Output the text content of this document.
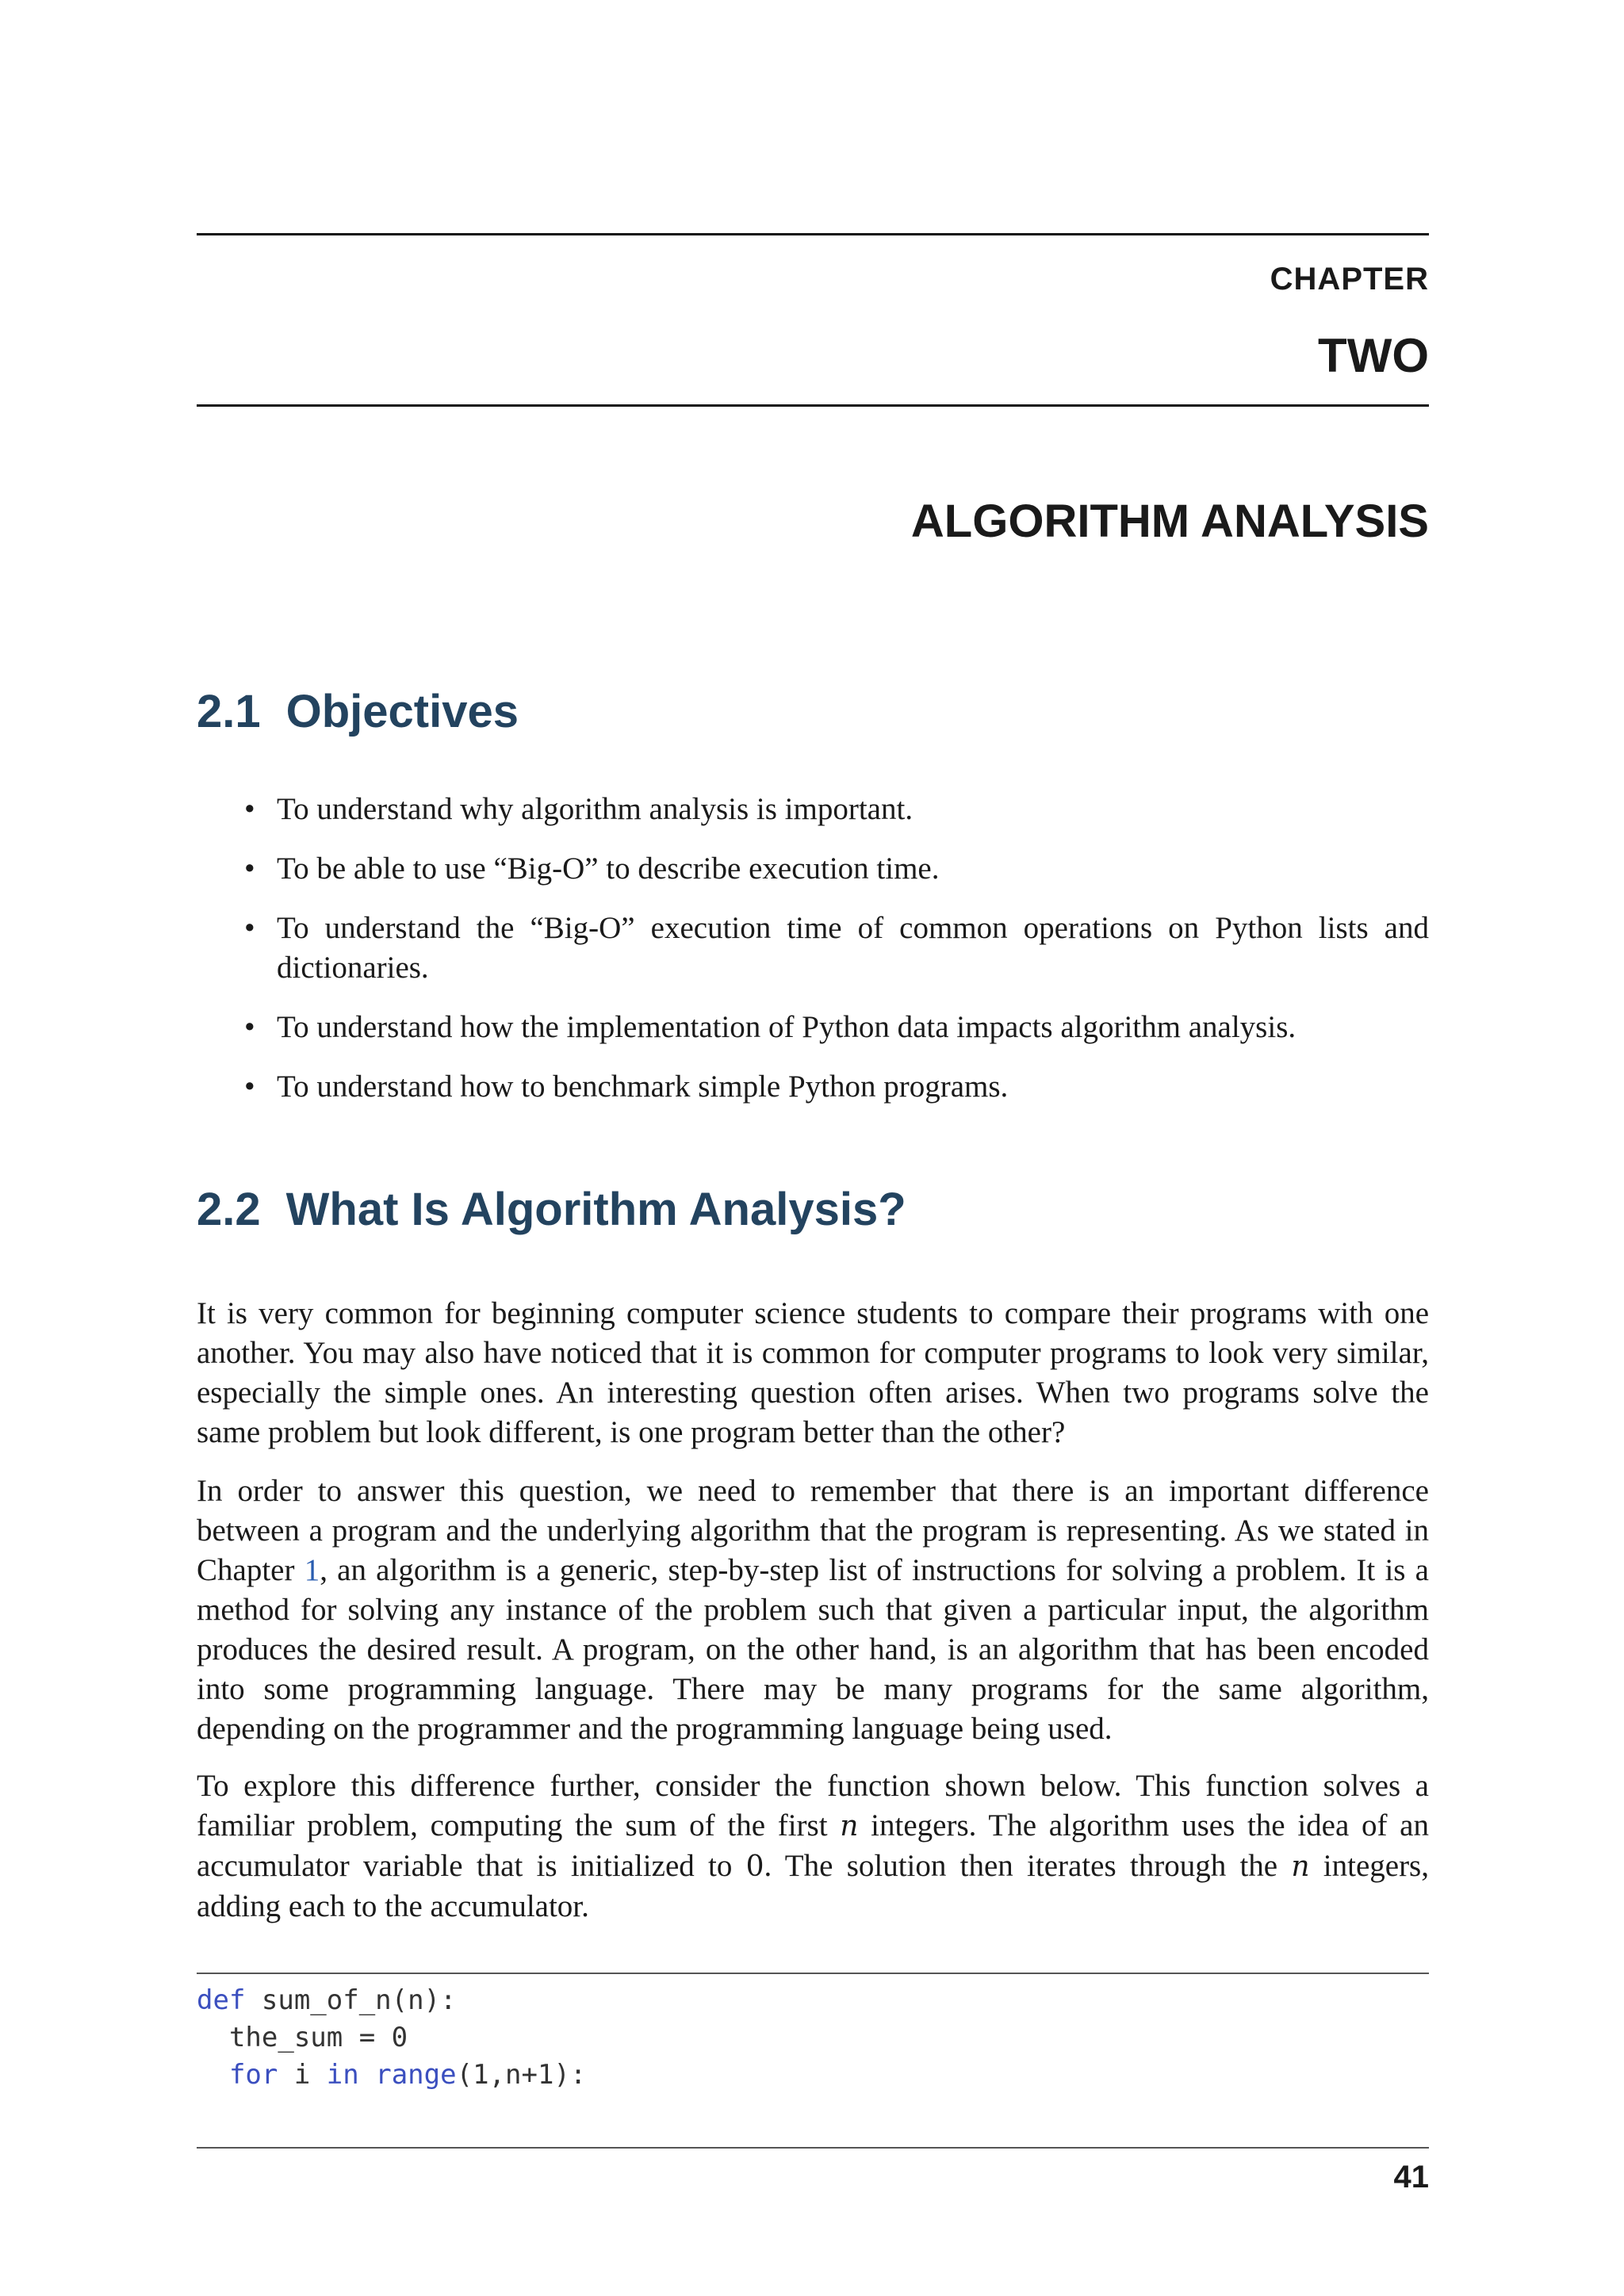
CHAPTER

TWO

ALGORITHM ANALYSIS
2.1 Objectives
• To understand why algorithm analysis is important.
• To be able to use “Big-O” to describe execution time.
• To understand the “Big-O” execution time of common operations on Python lists and dictionaries.
• To understand how the implementation of Python data impacts algorithm analysis.
• To understand how to benchmark simple Python programs.
2.2 What Is Algorithm Analysis?

It is very common for beginning computer science students to compare their programs with one another. You may also have noticed that it is common for computer programs to look very similar, especially the simple ones. An interesting question often arises. When two programs solve the same problem but look different, is one program better than the other?

In order to answer this question, we need to remember that there is an important difference between a program and the underlying algorithm that the program is representing. As we stated in Chapter 1, an algorithm is a generic, step-by-step list of instructions for solving a problem. It is a method for solving any instance of the problem such that given a particular input, the algorithm produces the desired result. A program, on the other hand, is an algorithm that has been encoded into some programming language. There may be many programs for the same algorithm, depending on the programmer and the programming language being used.

To explore this difference further, consider the function shown below. This function solves a familiar problem, computing the sum of the first n integers. The algorithm uses the idea of an accumulator variable that is initialized to 0. The solution then iterates through the n integers, adding each to the accumulator.

def sum_of_n(n):
the_sum = 0
for i in range(1,n+1):

41
